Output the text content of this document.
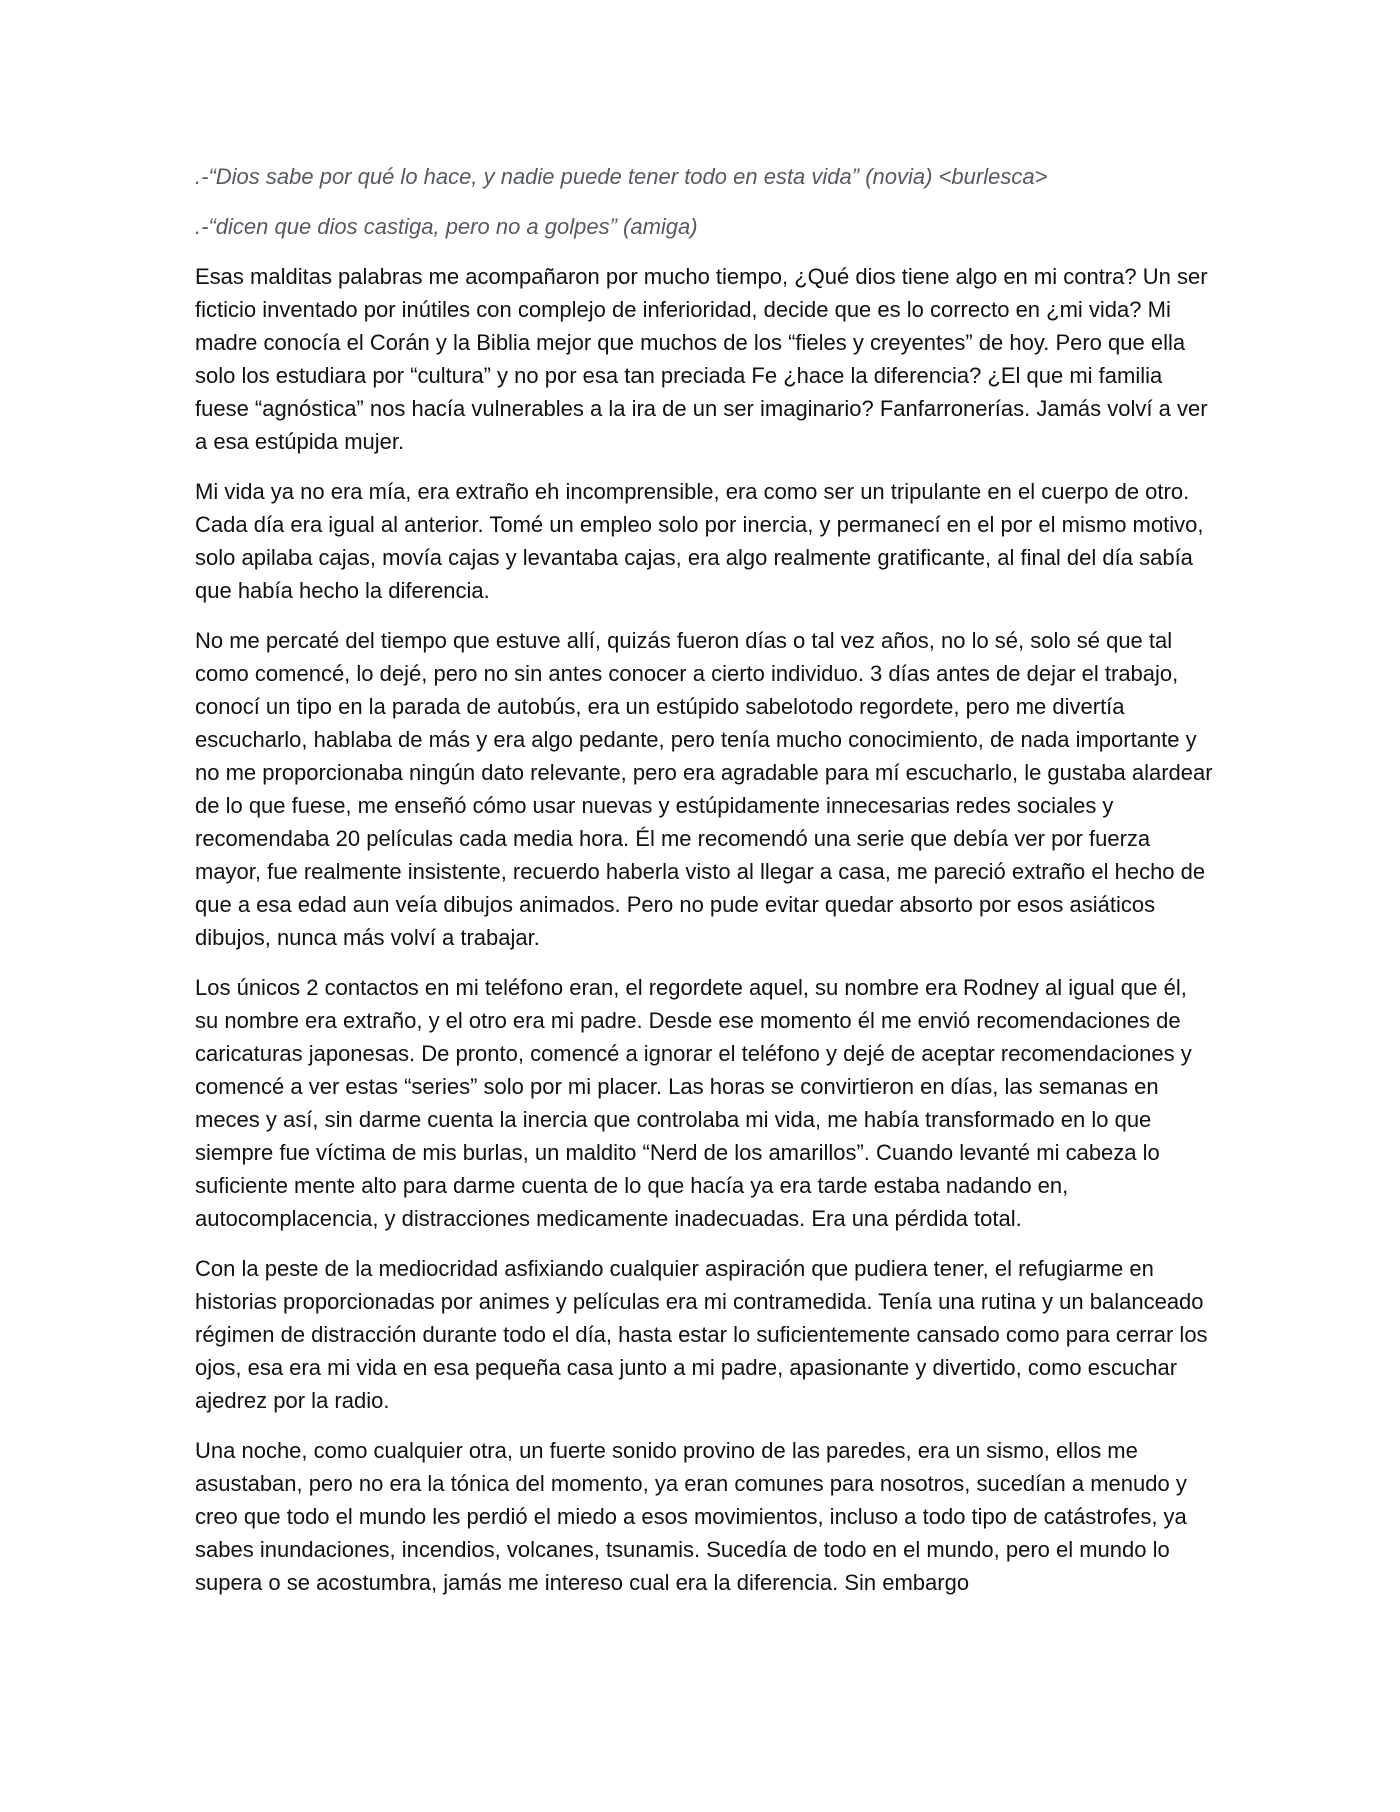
.-“Dios sabe por qué lo hace, y nadie puede tener todo en esta vida” (novia) <burlesca>

.-“dicen que dios castiga, pero no a golpes” (amiga)

Esas malditas palabras me acompañaron por mucho tiempo, ¿Qué dios tiene algo en mi contra? Un ser ficticio inventado por inútiles con complejo de inferioridad, decide que es lo correcto en ¿mi vida? Mi madre conocía el Corán y la Biblia mejor que muchos de los “fieles y creyentes” de hoy. Pero que ella solo los estudiara por “cultura” y no por esa tan preciada Fe ¿hace la diferencia? ¿El que mi familia fuese “agnóstica” nos hacía vulnerables a la ira de un ser imaginario? Fanfarronerías. Jamás volví a ver a esa estúpida mujer.

Mi vida ya no era mía, era extraño eh incomprensible, era como ser un tripulante en el cuerpo de otro. Cada día era igual al anterior. Tomé un empleo solo por inercia, y permanecí en el por el mismo motivo, solo apilaba cajas, movía cajas y levantaba cajas, era algo realmente gratificante, al final del día sabía que había hecho la diferencia.

No me percaté del tiempo que estuve allí, quizás fueron días o tal vez años, no lo sé, solo sé que tal como comencé, lo dejé, pero no sin antes conocer a cierto individuo. 3 días antes de dejar el trabajo, conocí un tipo en la parada de autobús, era un estúpido sabelotodo regordete, pero me divertía escucharlo, hablaba de más y era algo pedante, pero tenía mucho conocimiento, de nada importante y no me proporcionaba ningún dato relevante, pero era agradable para mí escucharlo, le gustaba alardear de lo que fuese, me enseñó cómo usar nuevas y estúpidamente innecesarias redes sociales y recomendaba 20 películas cada media hora. Él me recomendó una serie que debía ver por fuerza mayor, fue realmente insistente, recuerdo haberla visto al llegar a casa, me pareció extraño el hecho de que a esa edad aun veía dibujos animados. Pero no pude evitar quedar absorto por esos asiáticos dibujos, nunca más volví a trabajar.

Los únicos 2 contactos en mi teléfono eran, el regordete aquel, su nombre era Rodney al igual que él, su nombre era extraño, y el otro era mi padre. Desde ese momento él me envió recomendaciones de caricaturas japonesas. De pronto, comencé a ignorar el teléfono y dejé de aceptar recomendaciones y comencé a ver estas “series” solo por mi placer. Las horas se convirtieron en días, las semanas en meces y así, sin darme cuenta la inercia que controlaba mi vida, me había transformado en lo que siempre fue víctima de mis burlas, un maldito “Nerd de los amarillos”. Cuando levanté mi cabeza lo suficiente mente alto para darme cuenta de lo que hacía ya era tarde estaba nadando en, autocomplacencia, y distracciones medicamente inadecuadas. Era una pérdida total.

Con la peste de la mediocridad asfixiando cualquier aspiración que pudiera tener, el refugiarme en historias proporcionadas por animes y películas era mi contramedida. Tenía una rutina y un balanceado régimen de distracción durante todo el día, hasta estar lo suficientemente cansado como para cerrar los ojos, esa era mi vida en esa pequeña casa junto a mi padre, apasionante y divertido, como escuchar ajedrez por la radio.

Una noche, como cualquier otra, un fuerte sonido provino de las paredes, era un sismo, ellos me asustaban, pero no era la tónica del momento, ya eran comunes para nosotros, sucedían a menudo y creo que todo el mundo les perdió el miedo a esos movimientos, incluso a todo tipo de catástrofes, ya sabes inundaciones, incendios, volcanes, tsunamis. Sucedía de todo en el mundo, pero el mundo lo supera o se acostumbra, jamás me intereso cual era la diferencia. Sin embargo
